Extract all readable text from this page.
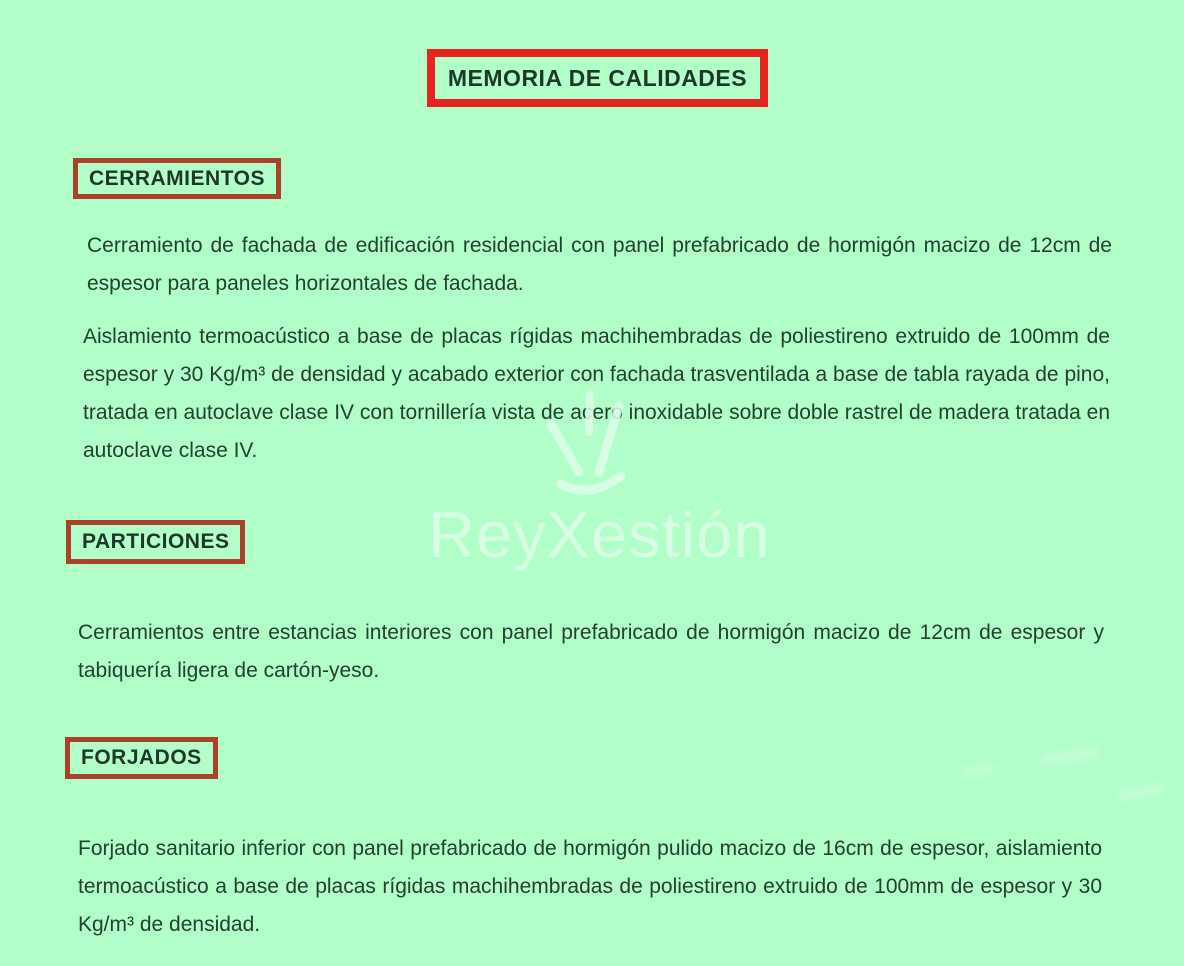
MEMORIA DE CALIDADES
CERRAMIENTOS

Cerramiento de fachada de edificación residencial con panel prefabricado de hormigón macizo de 12cm de espesor para paneles horizontales de fachada.

Aislamiento termoacústico a base de placas rígidas machihembradas de poliestireno extruido de 100mm de espesor y 30 Kg/m³ de densidad y acabado exterior con fachada trasventilada a base de tabla rayada de pino, tratada en autoclave clase IV con tornillería vista de acero inoxidable sobre doble rastrel de madera tratada en autoclave clase IV.

PARTICIONES

Cerramientos entre estancias interiores con panel prefabricado de hormigón macizo de 12cm de espesor y tabiquería ligera de cartón-yeso.

FORJADOS

Forjado sanitario inferior con panel prefabricado de hormigón pulido macizo de 16cm de espesor, aislamiento termoacústico a base de placas rígidas machihembradas de poliestireno extruido de 100mm de espesor y 30 Kg/m³ de densidad.

ReyXestión
